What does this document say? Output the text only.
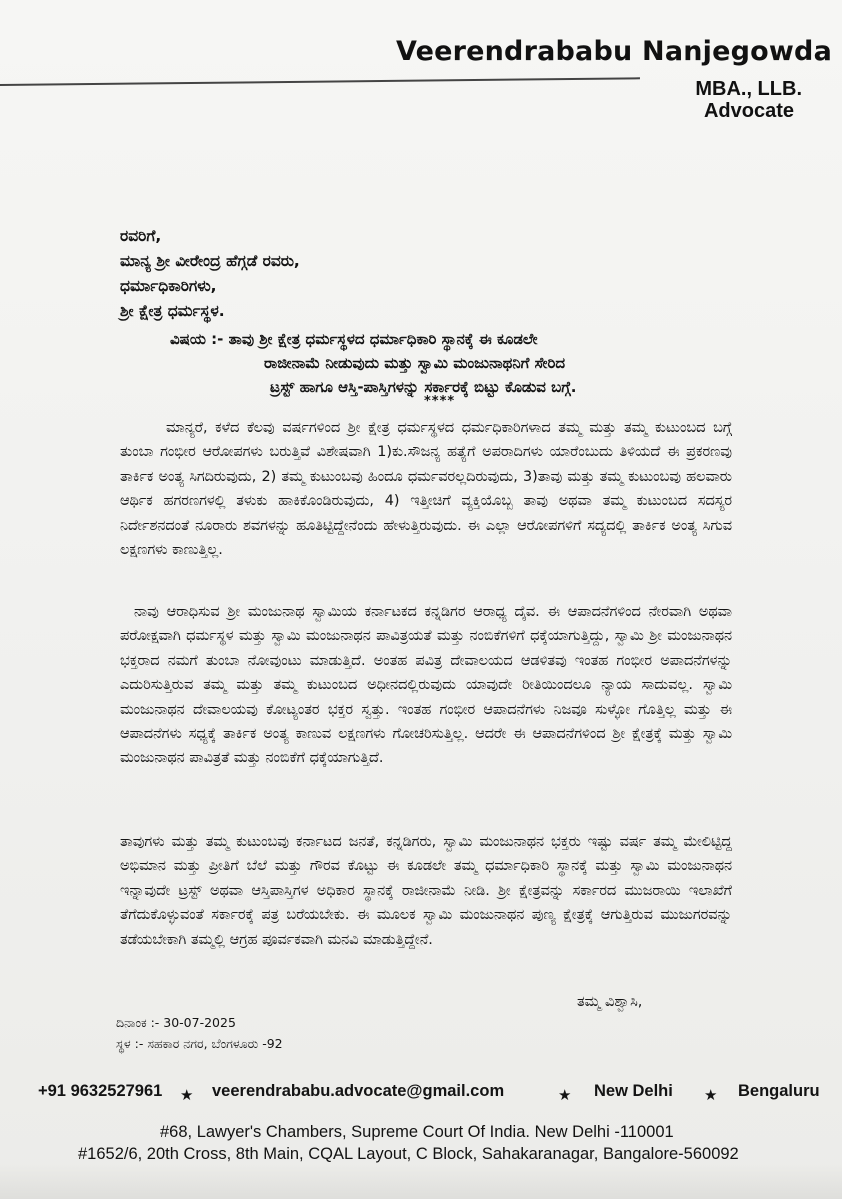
Veerendrababu Nanjegowda
MBA., LLB.
Advocate
ರವರಿಗೆ,
ಮಾನ್ಯ ಶ್ರೀ ವೀರೇಂದ್ರ ಹೆಗ್ಗಡೆ ರವರು,
ಧರ್ಮಾಧಿಕಾರಿಗಳು,
ಶ್ರೀ ಕ್ಷೇತ್ರ ಧರ್ಮಸ್ಥಳ.
ವಿಷಯ :- ತಾವು ಶ್ರೀ ಕ್ಷೇತ್ರ ಧರ್ಮಸ್ಥಳದ ಧರ್ಮಾಧಿಕಾರಿ ಸ್ಥಾನಕ್ಕೆ ಈ ಕೂಡಲೇ
ರಾಜೀನಾಮೆ ನೀಡುವುದು ಮತ್ತು ಸ್ವಾಮಿ ಮಂಜುನಾಥನಿಗೆ ಸೇರಿದ
ಟ್ರಸ್ಟ್ ಹಾಗೂ ಆಸ್ತಿ-ಪಾಸ್ತಿಗಳನ್ನು ಸರ್ಕಾರಕ್ಕೆ ಬಿಟ್ಟು ಕೊಡುವ ಬಗ್ಗೆ.
****
ಮಾನ್ಯರೆ, ಕಳೆದ ಕೆಲವು ವರ್ಷಗಳಿಂದ ಶ್ರೀ ಕ್ಷೇತ್ರ ಧರ್ಮಸ್ಥಳದ ಧರ್ಮಧಿಕಾರಿಗಳಾದ ತಮ್ಮ ಮತ್ತು ತಮ್ಮ ಕುಟುಂಬದ ಬಗ್ಗೆ ತುಂಬಾ ಗಂಭೀರ ಆರೋಪಗಳು ಬರುತ್ತಿವೆ ವಿಶೇಷವಾಗಿ 1)ಕು.ಸೌಜನ್ಯ ಹತ್ಯೆಗೆ ಅಪರಾದಿಗಳು ಯಾರೆಂಬುದು ತಿಳಿಯದೆ ಈ ಪ್ರಕರಣವು ತಾರ್ಕಿಕ ಅಂತ್ಯ ಸಿಗದಿರುವುದು, 2) ತಮ್ಮ ಕುಟುಂಬವು ಹಿಂದೂ ಧರ್ಮವರಲ್ಲದಿರುವುದು, 3)ತಾವು ಮತ್ತು ತಮ್ಮ ಕುಟುಂಬವು ಹಲವಾರು ಆರ್ಥಿಕ ಹಗರಣಗಳಲ್ಲಿ ತಳುಕು ಹಾಕಿಕೊಂಡಿರುವುದು, 4) ಇತ್ತೀಚಿಗೆ ವ್ಯಕ್ತಿಯೊಬ್ಬ ತಾವು ಅಥವಾ ತಮ್ಮ ಕುಟುಂಬದ ಸದಸ್ಯರ ನಿರ್ದೇಶನದಂತೆ ನೂರಾರು ಶವಗಳನ್ನು ಹೂತಿಟ್ಟಿದ್ದೇನೆಂದು ಹೇಳುತ್ತಿರುವುದು. ಈ ಎಲ್ಲಾ ಆರೋಪಗಳಿಗೆ ಸದ್ಯದಲ್ಲಿ ತಾರ್ಕಿಕ ಅಂತ್ಯ ಸಿಗುವ ಲಕ್ಷಣಗಳು ಕಾಣುತ್ತಿಲ್ಲ.
ನಾವು ಆರಾಧಿಸುವ ಶ್ರೀ ಮಂಜುನಾಥ ಸ್ವಾಮಿಯ ಕರ್ನಾಟಕದ ಕನ್ನಡಿಗರ ಆರಾಧ್ಯ ದೈವ. ಈ ಆಪಾದನೆಗಳಿಂದ ನೇರವಾಗಿ ಅಥವಾ ಪರೋಕ್ಷವಾಗಿ ಧರ್ಮಸ್ಥಳ ಮತ್ತು ಸ್ವಾಮಿ ಮಂಜುನಾಥನ ಪಾವಿತ್ರಯತೆ ಮತ್ತು ನಂಬಿಕೆಗಳಿಗೆ ಧಕ್ಕೆಯಾಗುತ್ತಿದ್ದು, ಸ್ವಾಮಿ ಶ್ರೀ ಮಂಜುನಾಥನ ಭಕ್ತರಾದ ನಮಗೆ ತುಂಬಾ ನೋವುಂಟು ಮಾಡುತ್ತಿದೆ. ಅಂತಹ ಪವಿತ್ರ ದೇವಾಲಯದ ಆಡಳಿತವು ಇಂತಹ ಗಂಭೀರ ಅಪಾದನೆಗಳನ್ನು ಎದುರಿಸುತ್ತಿರುವ ತಮ್ಮ ಮತ್ತು ತಮ್ಮ ಕುಟುಂಬದ ಅಧೀನದಲ್ಲಿರುವುದು ಯಾವುದೇ ರೀತಿಯಿಂದಲೂ ನ್ಯಾಯ ಸಾದುವಲ್ಲ. ಸ್ವಾಮಿ ಮಂಜುನಾಥನ ದೇವಾಲಯವು ಕೋಟ್ಯಂತರ ಭಕ್ತರ ಸ್ವತ್ತು. ಇಂತಹ ಗಂಭೀರ ಆಪಾದನೆಗಳು ನಿಜವೂ ಸುಳ್ಳೋ ಗೊತ್ತಿಲ್ಲ ಮತ್ತು ಈ ಆಪಾದನೆಗಳು ಸಧ್ಯಕ್ಕೆ ತಾರ್ಕಿಕ ಅಂತ್ಯ ಕಾಣುವ ಲಕ್ಷಣಗಳು ಗೋಚರಿಸುತ್ತಿಲ್ಲ. ಆದರೇ ಈ ಆಪಾದನೆಗಳಿಂದ ಶ್ರೀ ಕ್ಷೇತ್ರಕ್ಕೆ ಮತ್ತು ಸ್ವಾಮಿ ಮಂಜುನಾಥನ ಪಾವಿತ್ರತೆ ಮತ್ತು ನಂಬಿಕೆಗೆ ಧಕ್ಕೆಯಾಗುತ್ತಿದೆ.
ತಾವುಗಳು ಮತ್ತು ತಮ್ಮ ಕುಟುಂಬವು ಕರ್ನಾಟದ ಜನತೆ, ಕನ್ನಡಿಗರು, ಸ್ವಾಮಿ ಮಂಜುನಾಥನ ಭಕ್ತರು ಇಷ್ಟು ವರ್ಷ ತಮ್ಮ ಮೇಲಿಟ್ಟಿದ್ದ ಅಭಿಮಾನ ಮತ್ತು ಪ್ರೀತಿಗೆ ಬೆಲೆ ಮತ್ತು ಗೌರವ ಕೊಟ್ಟು ಈ ಕೂಡಲೇ ತಮ್ಮ ಧರ್ಮಾಧಿಕಾರಿ ಸ್ಥಾನಕ್ಕೆ ಮತ್ತು ಸ್ವಾಮಿ ಮಂಜುನಾಥನ ಇನ್ನಾವುದೇ ಟ್ರಸ್ಟ್ ಅಥವಾ ಆಸ್ತಿಪಾಸ್ತಿಗಳ ಅಧಿಕಾರ ಸ್ಥಾನಕ್ಕೆ ರಾಜೀನಾಮೆ ನೀಡಿ. ಶ್ರೀ ಕ್ಷೇತ್ರವನ್ನು ಸರ್ಕಾರದ ಮುಜರಾಯಿ ಇಲಾಖೆಗೆ ತೆಗೆದುಕೊಳ್ಳುವಂತೆ ಸರ್ಕಾರಕ್ಕೆ ಪತ್ರ ಬರೆಯಬೇಕು. ಈ ಮೂಲಕ ಸ್ವಾಮಿ ಮಂಜುನಾಥನ ಪುಣ್ಯ ಕ್ಷೇತ್ರಕ್ಕೆ ಆಗುತ್ತಿರುವ ಮುಜುಗರವನ್ನು ತಡೆಯಬೇಕಾಗಿ ತಮ್ಮಲ್ಲಿ ಆಗ್ರಹ ಪೂರ್ವಕವಾಗಿ ಮನವಿ ಮಾಡುತ್ತಿದ್ದೇನೆ.
ತಮ್ಮ ವಿಶ್ವಾಸಿ,
ದಿನಾಂಕ :- 30-07-2025
ಸ್ಥಳ :- ಸಹಕಾರ ನಗರ, ಬೆಂಗಳೂರು -92
+91 9632527961 ★ veerendrababu.advocate@gmail.com	★ New Delhi ★ Bengaluru
#68, Lawyer's Chambers, Supreme Court Of India. New Delhi -110001
#1652/6, 20th Cross, 8th Main, CQAL Layout, C Block, Sahakaranagar, Bangalore-560092
